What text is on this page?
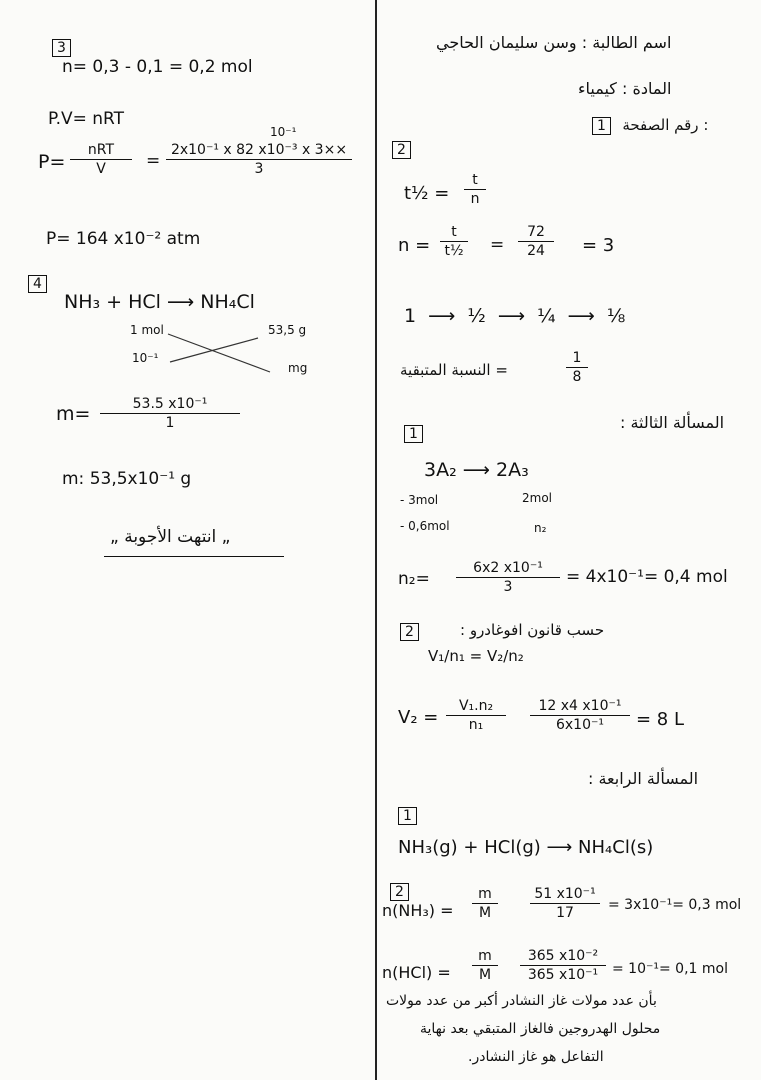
3
n= 0,3 - 0,1 = 0,2 mol
P.V= nRT
P=
nRT
V	=
10⁻¹
$\frac{\text{2x10⁻¹ x 82 x10⁻³ x 3××}}{3}$
P= 164 x10⁻² atm
4
NH₃ + HCl ⟶ NH₄Cl
1 mol	53,5 g
10⁻¹
mg
$m= \frac{\text{53.5 x10⁻¹}}{1}$
m: 53,5x10⁻¹ g
„ انتهت الأجوبة „
اسم الطالبة : وسن سليمان الحاجي
المادة : كيمياء
1 رقم الصفحة :
2
t½ = $\frac{t}{n}$
$n = \frac{t}{\text{t½}} = \frac{72}{24} = 3$
1 ⟶ ½ ⟶ ¼ ⟶ ⅛
= النسبة المتبقية	$\frac{1}{8}$
المسألة الثالثة :
1
3A₂ ⟶ 2A₃
- 3mol	2mol
- 0,6mol	n₂
$n_2= \frac{\text{6x2 x10⁻¹}}{3} = 4x10^{-1}= 0,4$ mol
2	حسب قانون افوغادرو :
V₁/n₁ = V₂/n₂
$V_2 = \frac{\text{V₁.n₂}}{\text{n₁}} \frac{\text{12 x4 x10⁻¹}}{\text{6x10⁻¹}} = 8$ L
المسألة الرابعة :
1
NH₃(g) + HCl(g) ⟶ NH₄Cl(s)
2
$n(NH_3) = \frac{m}{M} \frac{\text{51 x10⁻¹}}{17} = 3x10^{-1}= 0,3$ mol
$n(HCl) = \frac{m}{M} \frac{\text{365 x10⁻²}}{\text{365 x10⁻¹}} = 10^{-1}= 0,1$ mol
بأن عدد مولات غاز النشادر أكبر من عدد مولات
محلول الهدروجين فالغاز المتبقي بعد نهاية
التفاعل هو غاز النشادر.
